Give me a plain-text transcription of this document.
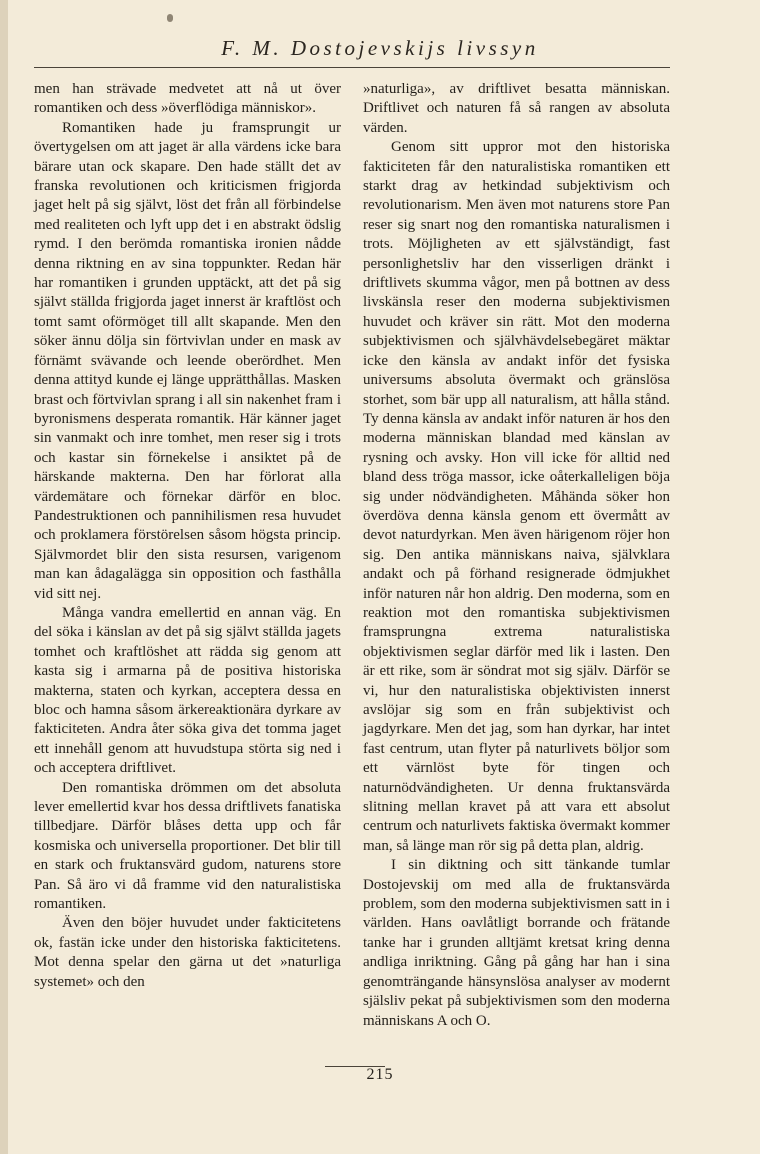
F. M. Dostojevskijs livssyn

men han strävade medvetet att nå ut över romantiken och dess »överflödiga människor».

Romantiken hade ju framsprungit ur övertygelsen om att jaget är alla värdens icke bara bärare utan ock skapare. Den hade ställt det av franska revolutionen och kriticismen frigjorda jaget helt på sig självt, löst det från all förbindelse med realiteten och lyft upp det i en abstrakt ödslig rymd. I den berömda romantiska ironien nådde denna riktning en av sina toppunkter. Redan här har romantiken i grunden upptäckt, att det på sig självt ställda frigjorda jaget innerst är kraftlöst och tomt samt oförmöget till allt skapande. Men den söker ännu dölja sin förtvivlan under en mask av förnämt svävande och leende oberördhet. Men denna attityd kunde ej länge upprätthållas. Masken brast och förtvivlan sprang i all sin nakenhet fram i byronismens desperata romantik. Här känner jaget sin vanmakt och inre tomhet, men reser sig i trots och kastar sin förnekelse i ansiktet på de härskande makterna. Den har förlorat alla värdemätare och förnekar därför en bloc. Pandestruktionen och pannihilismen resa huvudet och proklamera förstörelsen såsom högsta princip. Självmordet blir den sista resursen, varigenom man kan ådagalägga sin opposition och fasthålla vid sitt nej.

Många vandra emellertid en annan väg. En del söka i känslan av det på sig självt ställda jagets tomhet och kraftlöshet att rädda sig genom att kasta sig i armarna på de positiva historiska makterna, staten och kyrkan, acceptera dessa en bloc och hamna såsom ärkereaktionära dyrkare av fakticiteten. Andra åter söka giva det tomma jaget ett innehåll genom att huvudstupa störta sig ned i och acceptera driftlivet.

Den romantiska drömmen om det absoluta lever emellertid kvar hos dessa driftlivets fanatiska tillbedjare. Därför blåses detta upp och får kosmiska och universella proportioner. Det blir till en stark och fruktansvärd gudom, naturens store Pan. Så äro vi då framme vid den naturalistiska romantiken.

Även den böjer huvudet under fakticitetens ok, fastän icke under den historiska fakticitetens. Mot denna spelar den gärna ut det »naturliga systemet» och den

»naturliga», av driftlivet besatta människan. Driftlivet och naturen få så rangen av absoluta värden.

Genom sitt uppror mot den historiska fakticiteten får den naturalistiska romantiken ett starkt drag av hetkindad subjektivism och revolutionarism. Men även mot naturens store Pan reser sig snart nog den romantiska naturalismen i trots. Möjligheten av ett självständigt, fast personlighetsliv har den visserligen dränkt i driftlivets skumma vågor, men på bottnen av dess livskänsla reser den moderna subjektivismen huvudet och kräver sin rätt. Mot den moderna subjektivismen och självhävdelsebegäret mäktar icke den känsla av andakt inför det fysiska universums absoluta övermakt och gränslösa storhet, som bär upp all naturalism, att hålla stånd. Ty denna känsla av andakt inför naturen är hos den moderna människan blandad med känslan av rysning och avsky. Hon vill icke för alltid ned bland dess tröga massor, icke oåterkalleligen böja sig under nödvändigheten. Måhända söker hon överdöva denna känsla genom ett övermått av devot naturdyrkan. Men även härigenom röjer hon sig. Den antika människans naiva, självklara andakt och på förhand resignerade ödmjukhet inför naturen når hon aldrig. Den moderna, som en reaktion mot den romantiska subjektivismen framsprungna extrema naturalistiska objektivismen seglar därför med lik i lasten. Den är ett rike, som är söndrat mot sig själv. Därför se vi, hur den naturalistiska objektivisten innerst avslöjar sig som en från subjektivist och jagdyrkare. Men det jag, som han dyrkar, har intet fast centrum, utan flyter på naturlivets böljor som ett värnlöst byte för tingen och naturnödvändigheten. Ur denna fruktansvärda slitning mellan kravet på att vara ett absolut centrum och naturlivets faktiska övermakt kommer man, så länge man rör sig på detta plan, aldrig.

I sin diktning och sitt tänkande tumlar Dostojevskij om med alla de fruktansvärda problem, som den moderna subjektivismen satt in i världen. Hans oavlåtligt borrande och frätande tanke har i grunden alltjämt kretsat kring denna andliga inriktning. Gång på gång har han i sina genomträngande hänsynslösa analyser av modernt själsliv pekat på subjektivismen som den moderna människans A och O.

215
